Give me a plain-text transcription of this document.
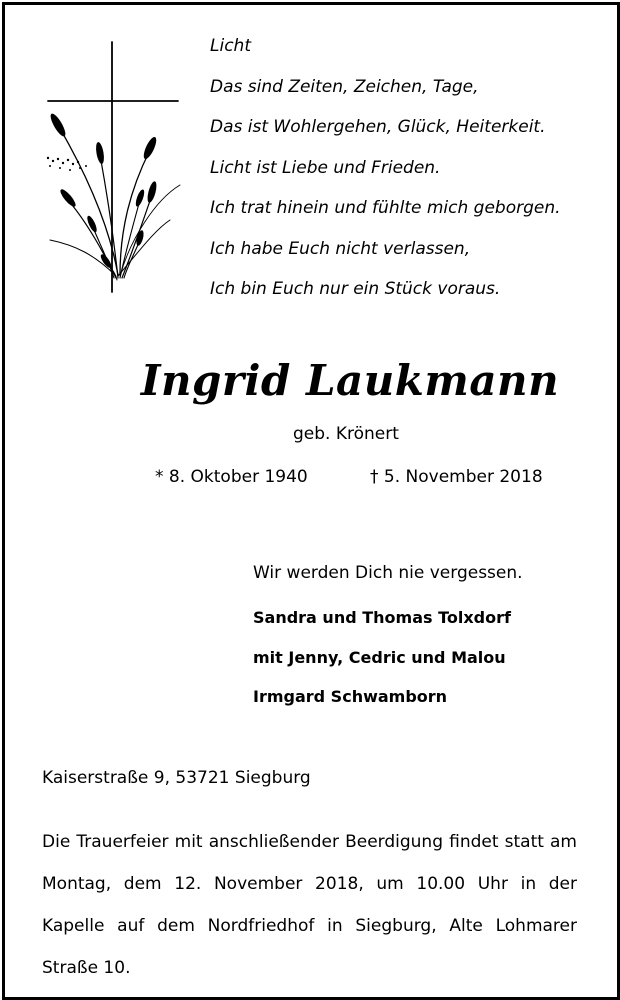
Licht
Das sind Zeiten, Zeichen, Tage,
Das ist Wohlergehen, Glück, Heiterkeit.
Licht ist Liebe und Frieden.
Ich trat hinein und fühlte mich geborgen.
Ich habe Euch nicht verlassen,
Ich bin Euch nur ein Stück voraus.
Ingrid Laukmann
geb. Krönert
* 8. Oktober 1940	† 5. November 2018
Wir werden Dich nie vergessen.
Sandra und Thomas Tolxdorf
mit Jenny, Cedric und Malou
Irmgard Schwamborn
Kaiserstraße 9, 53721 Siegburg
Die Trauerfeier mit anschließender Beerdigung findet statt am Montag, dem 12. November 2018, um 10.00 Uhr in der Kapelle auf dem Nordfriedhof in Siegburg, Alte Lohmarer Straße 10.
